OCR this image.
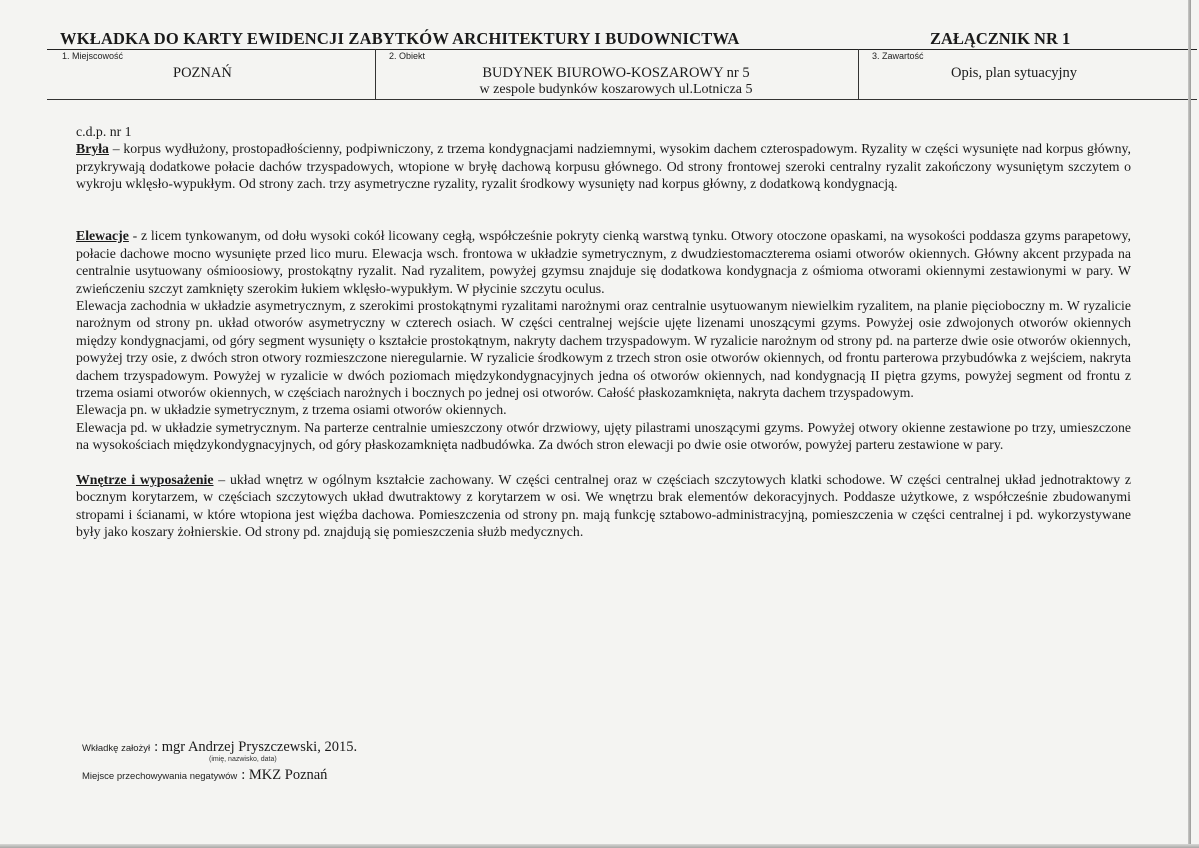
WKŁADKA DO KARTY EWIDENCJI ZABYTKÓW ARCHITEKTURY I BUDOWNICTWA	ZAŁĄCZNIK NR 1
1. Miejscowość
POZNAŃ
2. Obiekt
BUDYNEK BIUROWO-KOSZAROWY nr 5
w zespole budynków koszarowych ul.Lotnicza 5
3. Zawartość
Opis, plan sytuacyjny

c.d.p. nr 1

Bryła – korpus wydłużony, prostopadłościenny, podpiwniczony, z trzema kondygnacjami nadziemnymi, wysokim dachem czterospadowym. Ryzality w części wysunięte nad korpus główny, przykrywają dodatkowe połacie dachów trzyspadowych, wtopione w bryłę dachową korpusu głównego. Od strony frontowej szeroki centralny ryzalit zakończony wysuniętym szczytem o wykroju wklęsło-wypukłym. Od strony zach. trzy asymetryczne ryzality, ryzalit środkowy wysunięty nad korpus główny, z dodatkową kondygnacją.

Elewacje - z licem tynkowanym, od dołu wysoki cokół licowany cegłą, współcześnie pokryty cienką warstwą tynku. Otwory otoczone opaskami, na wysokości poddasza gzyms parapetowy, połacie dachowe mocno wysunięte przed lico muru. Elewacja wsch. frontowa w układzie symetrycznym, z dwudziestomaczterema osiami otworów okiennych. Główny akcent przypada na centralnie usytuowany ośmioosiowy, prostokątny ryzalit. Nad ryzalitem, powyżej gzymsu znajduje się dodatkowa kondygnacja z ośmioma otworami okiennymi zestawionymi w pary. W zwieńczeniu szczyt zamknięty szerokim łukiem wklęsło-wypukłym. W płycinie szczytu oculus.

Elewacja zachodnia w układzie asymetrycznym, z szerokimi prostokątnymi ryzalitami narożnymi oraz centralnie usytuowanym niewielkim ryzalitem, na planie pięcioboczny m. W ryzalicie narożnym od strony pn. układ otworów asymetryczny w czterech osiach. W części centralnej wejście ujęte lizenami unoszącymi gzyms. Powyżej osie zdwojonych otworów okiennych między kondygnacjami, od góry segment wysunięty o kształcie prostokątnym, nakryty dachem trzyspadowym. W ryzalicie narożnym od strony pd. na parterze dwie osie otworów okiennych, powyżej trzy osie, z dwóch stron otwory rozmieszczone nieregularnie. W ryzalicie środkowym z trzech stron osie otworów okiennych, od frontu parterowa przybudówka z wejściem, nakryta dachem trzyspadowym. Powyżej w ryzalicie w dwóch poziomach międzykondygnacyjnych jedna oś otworów okiennych, nad kondygnacją II piętra gzyms, powyżej segment od frontu z trzema osiami otworów okiennych, w częściach narożnych i bocznych po jednej osi otworów. Całość płaskozamknięta, nakryta dachem trzyspadowym.

Elewacja pn. w układzie symetrycznym, z trzema osiami otworów okiennych.

Elewacja pd. w układzie symetrycznym. Na parterze centralnie umieszczony otwór drzwiowy, ujęty pilastrami unoszącymi gzyms. Powyżej otwory okienne zestawione po trzy, umieszczone na wysokościach międzykondygnacyjnych, od góry płaskozamknięta nadbudówka. Za dwóch stron elewacji po dwie osie otworów, powyżej parteru zestawione w pary.

Wnętrze i wyposażenie – układ wnętrz w ogólnym kształcie zachowany. W części centralnej oraz w częściach szczytowych klatki schodowe. W części centralnej układ jednotraktowy z bocznym korytarzem, w częściach szczytowych układ dwutraktowy z korytarzem w osi. We wnętrzu brak elementów dekoracyjnych. Poddasze użytkowe, z współcześnie zbudowanymi stropami i ścianami, w które wtopiona jest więźba dachowa. Pomieszczenia od strony pn. mają funkcję sztabowo-administracyjną, pomieszczenia w części centralnej i pd. wykorzystywane były jako koszary żołnierskie. Od strony pd. znajdują się pomieszczenia służb medycznych.

Wkładkę założył : mgr Andrzej Pryszczewski, 2015.
(imię, nazwisko, data)
Miejsce przechowywania negatywów : MKZ Poznań
